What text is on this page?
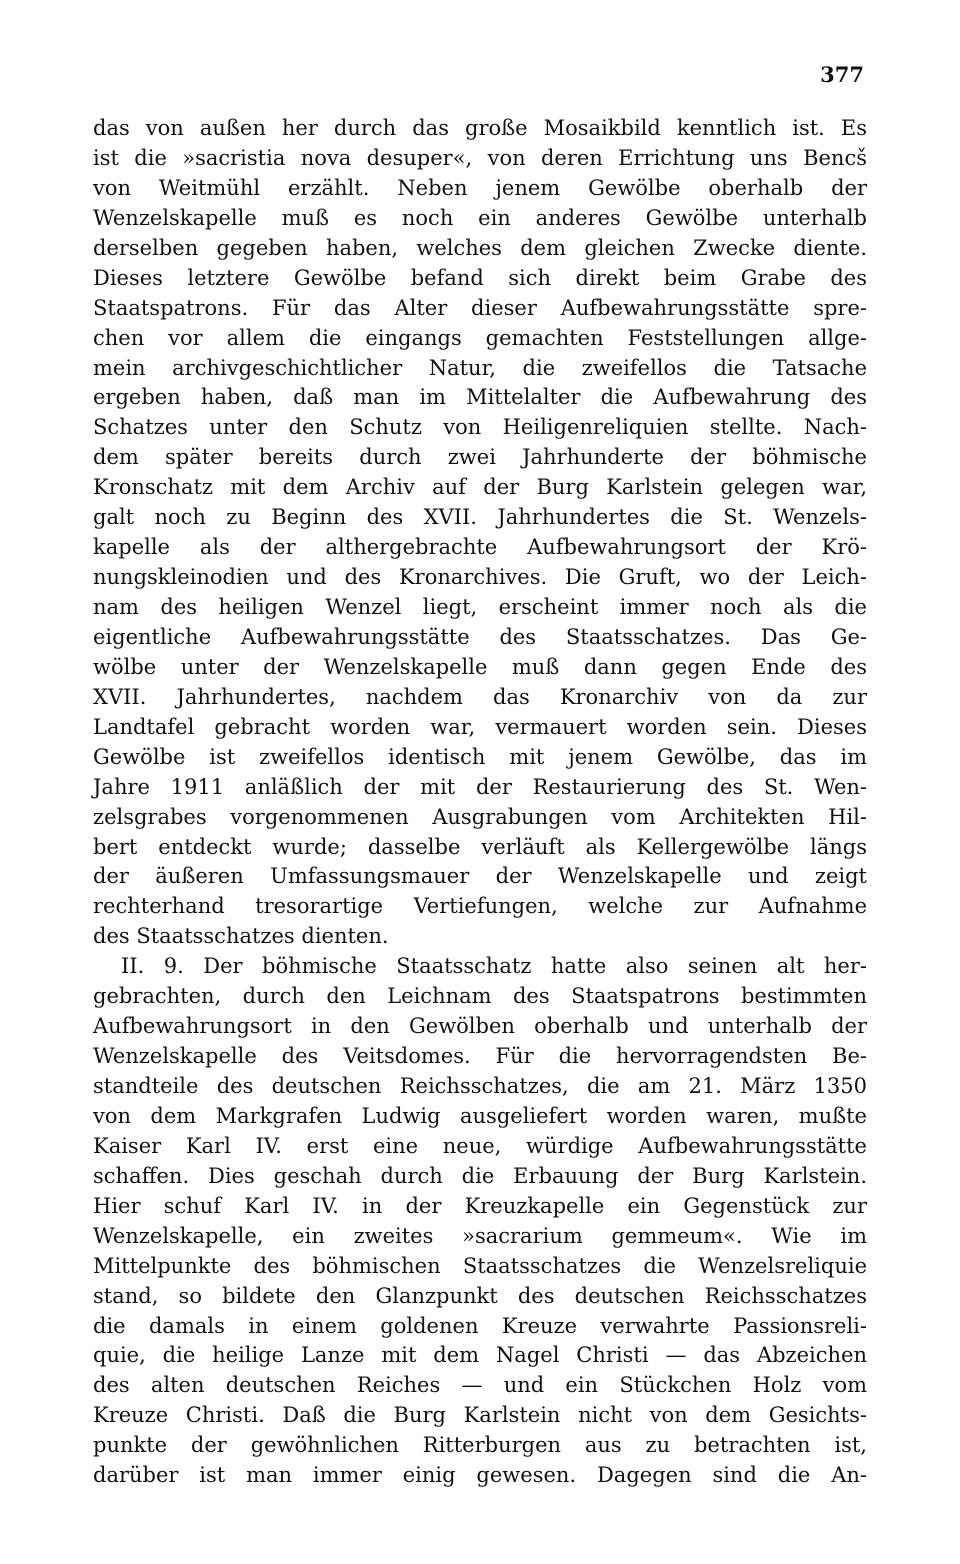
377
das von außen her durch das große Mosaikbild kenntlich ist. Es
ist die »sacristia nova desuper«, von deren Errichtung uns Bencš
von Weitmühl erzählt. Neben jenem Gewölbe oberhalb der
Wenzelskapelle muß es noch ein anderes Gewölbe unterhalb
derselben gegeben haben, welches dem gleichen Zwecke diente.
Dieses letztere Gewölbe befand sich direkt beim Grabe des
Staatspatrons. Für das Alter dieser Aufbewahrungsstätte spre-
chen vor allem die eingangs gemachten Feststellungen allge-
mein archivgeschichtlicher Natur, die zweifellos die Tatsache
ergeben haben, daß man im Mittelalter die Aufbewahrung des
Schatzes unter den Schutz von Heiligenreliquien stellte. Nach-
dem später bereits durch zwei Jahrhunderte der böhmische
Kronschatz mit dem Archiv auf der Burg Karlstein gelegen war,
galt noch zu Beginn des XVII. Jahrhundertes die St. Wenzels-
kapelle als der althergebrachte Aufbewahrungsort der Krö-
nungskleinodien und des Kronarchives. Die Gruft, wo der Leich-
nam des heiligen Wenzel liegt, erscheint immer noch als die
eigentliche Aufbewahrungsstätte des Staatsschatzes. Das Ge-
wölbe unter der Wenzelskapelle muß dann gegen Ende des
XVII. Jahrhundertes, nachdem das Kronarchiv von da zur
Landtafel gebracht worden war, vermauert worden sein. Dieses
Gewölbe ist zweifellos identisch mit jenem Gewölbe, das im
Jahre 1911 anläßlich der mit der Restaurierung des St. Wen-
zelsgrabes vorgenommenen Ausgrabungen vom Architekten Hil-
bert entdeckt wurde; dasselbe verläuft als Kellergewölbe längs
der äußeren Umfassungsmauer der Wenzelskapelle und zeigt
rechterhand tresorartige Vertiefungen, welche zur Aufnahme
des Staatsschatzes dienten.
II. 9. Der böhmische Staatsschatz hatte also seinen alt her-
gebrachten, durch den Leichnam des Staatspatrons bestimmten
Aufbewahrungsort in den Gewölben oberhalb und unterhalb der
Wenzelskapelle des Veitsdomes. Für die hervorragendsten Be-
standteile des deutschen Reichsschatzes, die am 21. März 1350
von dem Markgrafen Ludwig ausgeliefert worden waren, mußte
Kaiser Karl IV. erst eine neue, würdige Aufbewahrungsstätte
schaffen. Dies geschah durch die Erbauung der Burg Karlstein.
Hier schuf Karl IV. in der Kreuzkapelle ein Gegenstück zur
Wenzelskapelle, ein zweites »sacrarium gemmeum«. Wie im
Mittelpunkte des böhmischen Staatsschatzes die Wenzelsreliquie
stand, so bildete den Glanzpunkt des deutschen Reichsschatzes
die damals in einem goldenen Kreuze verwahrte Passionsreli-
quie, die heilige Lanze mit dem Nagel Christi — das Abzeichen
des alten deutschen Reiches — und ein Stückchen Holz vom
Kreuze Christi. Daß die Burg Karlstein nicht von dem Gesichts-
punkte der gewöhnlichen Ritterburgen aus zu betrachten ist,
darüber ist man immer einig gewesen. Dagegen sind die An-
